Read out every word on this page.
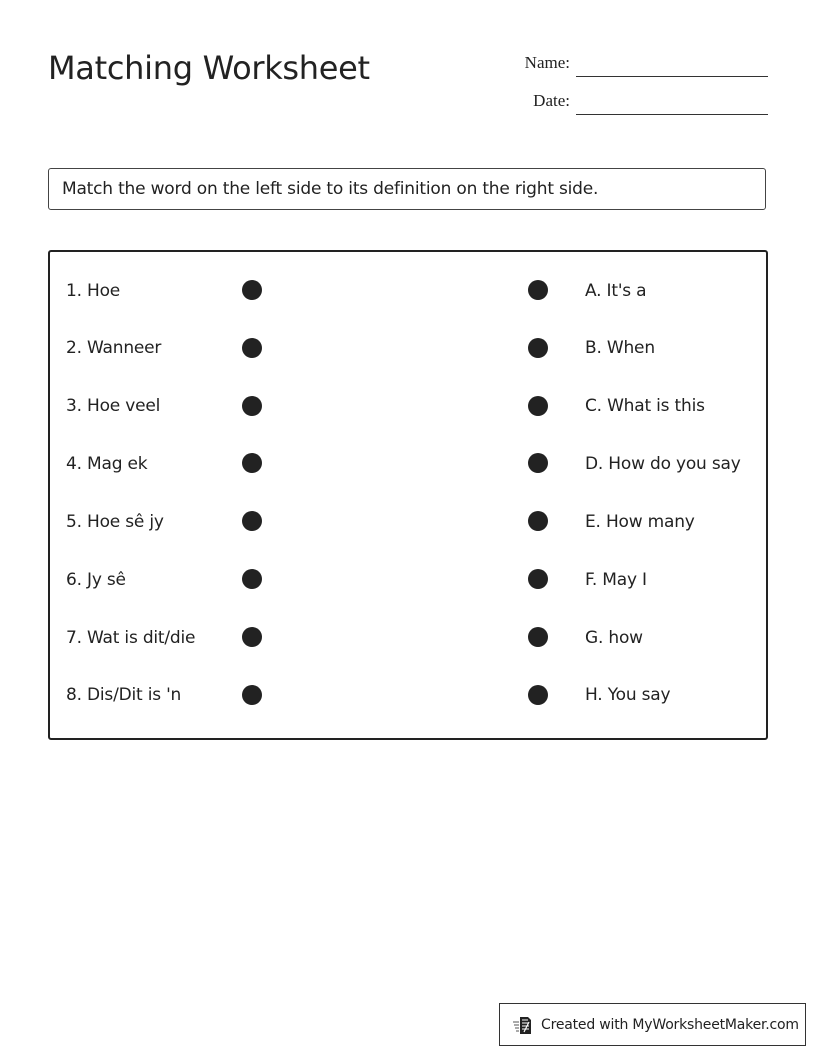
Matching Worksheet	Name:
Date:
Match the word on the left side to its definition on the right side.
1. Hoe
2. Wanneer
3. Hoe veel
4. Mag ek
5. Hoe sê jy
6. Jy sê
7. Wat is dit/die
8. Dis/Dit is 'n
A. It's a
B. When
C. What is this
D. How do you say
E. How many
F. May I
G. how
H. You say
Created with MyWorksheetMaker.com
